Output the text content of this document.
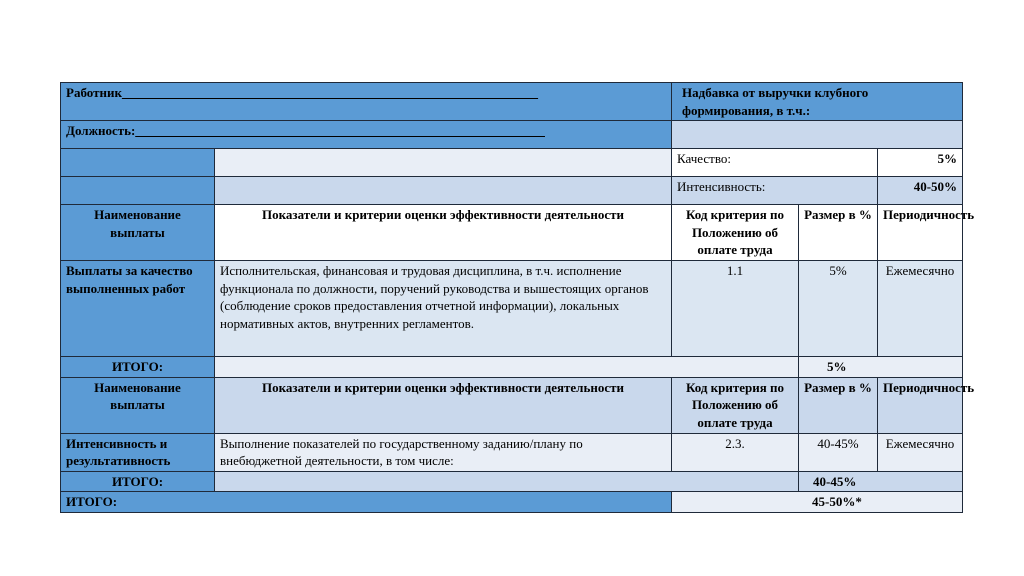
Работник________________________________________________________________		Надбавка от выручки клубного формирования, в т.ч.:		

Должность:_______________________________________________________________				
		Качество:		5%
		Интенсивность:		40-50%
Наименование выплаты	Показатели и критерии оценки эффективности деятельности	Код критерия по Положению об оплате труда	Размер в %	Периодичность
Выплаты за качество выполненных работ	Исполнительская, финансовая и трудовая дисциплина, в т.ч. исполнение функционала по должности, поручений руководства и вышестоящих органов (соблюдение сроков предоставления отчетной информации), локальных нормативных актов, внутренних регламентов.	1.1	5%	Ежемесячно
ИТОГО:			5%	
Наименование выплаты	Показатели и критерии оценки эффективности деятельности	Код критерия по Положению об оплате труда	Размер в %	Периодичность
Интенсивность и результативность	Выполнение показателей по государственному заданию/плану по внебюджетной деятельности, в том числе:	2.3.	40-45%	Ежемесячно
ИТОГО:			40-45%	
ИТОГО:		45-50%*		
